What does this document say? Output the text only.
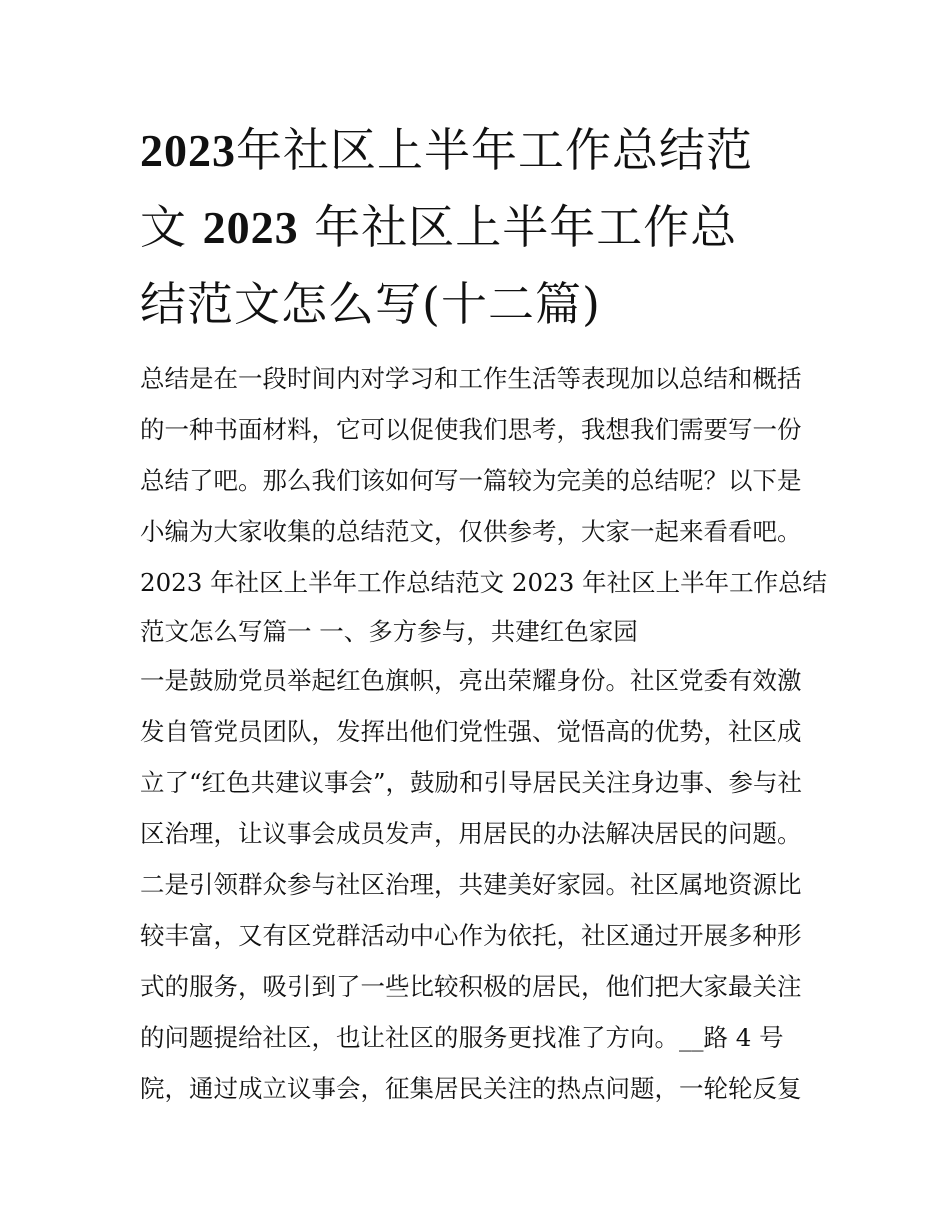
2023年社区上半年工作总结范
文 2023 年社区上半年工作总
结范文怎么写(十二篇)
总结是在一段时间内对学习和工作生活等表现加以总结和概括
的一种书面材料，它可以促使我们思考，我想我们需要写一份
总结了吧。那么我们该如何写一篇较为完美的总结呢？以下是
小编为大家收集的总结范文，仅供参考，大家一起来看看吧。
2023 年社区上半年工作总结范文 2023 年社区上半年工作总结
范文怎么写篇一 一、多方参与，共建红色家园
一是鼓励党员举起红色旗帜，亮出荣耀身份。社区党委有效激
发自管党员团队，发挥出他们党性强、觉悟高的优势，社区成
立了“红色共建议事会”，鼓励和引导居民关注身边事、参与社
区治理，让议事会成员发声，用居民的办法解决居民的问题。
二是引领群众参与社区治理，共建美好家园。社区属地资源比
较丰富，又有区党群活动中心作为依托，社区通过开展多种形
式的服务，吸引到了一些比较积极的居民，他们把大家最关注
的问题提给社区，也让社区的服务更找准了方向。__路 4 号
院，通过成立议事会，征集居民关注的热点问题，一轮轮反复
